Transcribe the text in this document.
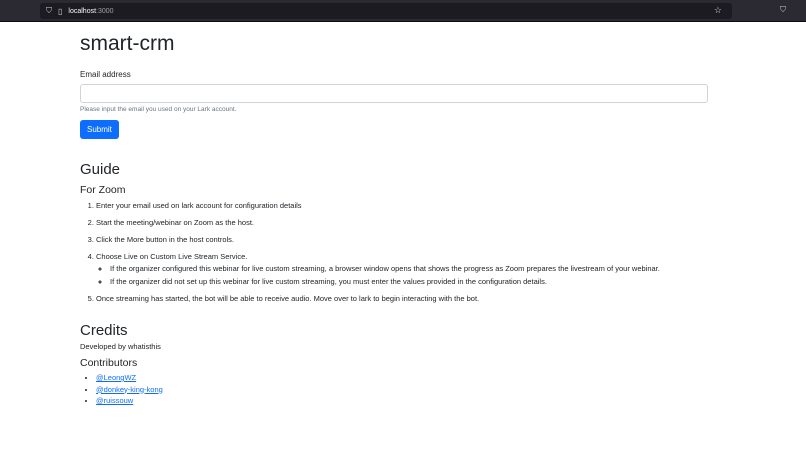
⛉ ▯ localhost:3000	☆	⛉
smart-crm
Email address
Please input the email you used on your Lark account.
Submit
Guide
For Zoom
1. Enter your email used on lark account for configuration details
2. Start the meeting/webinar on Zoom as the host.
3. Click the More button in the host controls.
4. Choose Live on Custom Live Stream Service.
◦ If the organizer configured this webinar for live custom streaming, a browser window opens that shows the progress as Zoom prepares the livestream of your webinar.
◦ If the organizer did not set up this webinar for live custom streaming, you must enter the values provided in the configuration details.
5. Once streaming has started, the bot will be able to receive audio. Move over to lark to begin interacting with the bot.
Credits
Developed by whatisthis
Contributors
• @LeongWZ
• @donkey-king-kong
• @ruissouw
